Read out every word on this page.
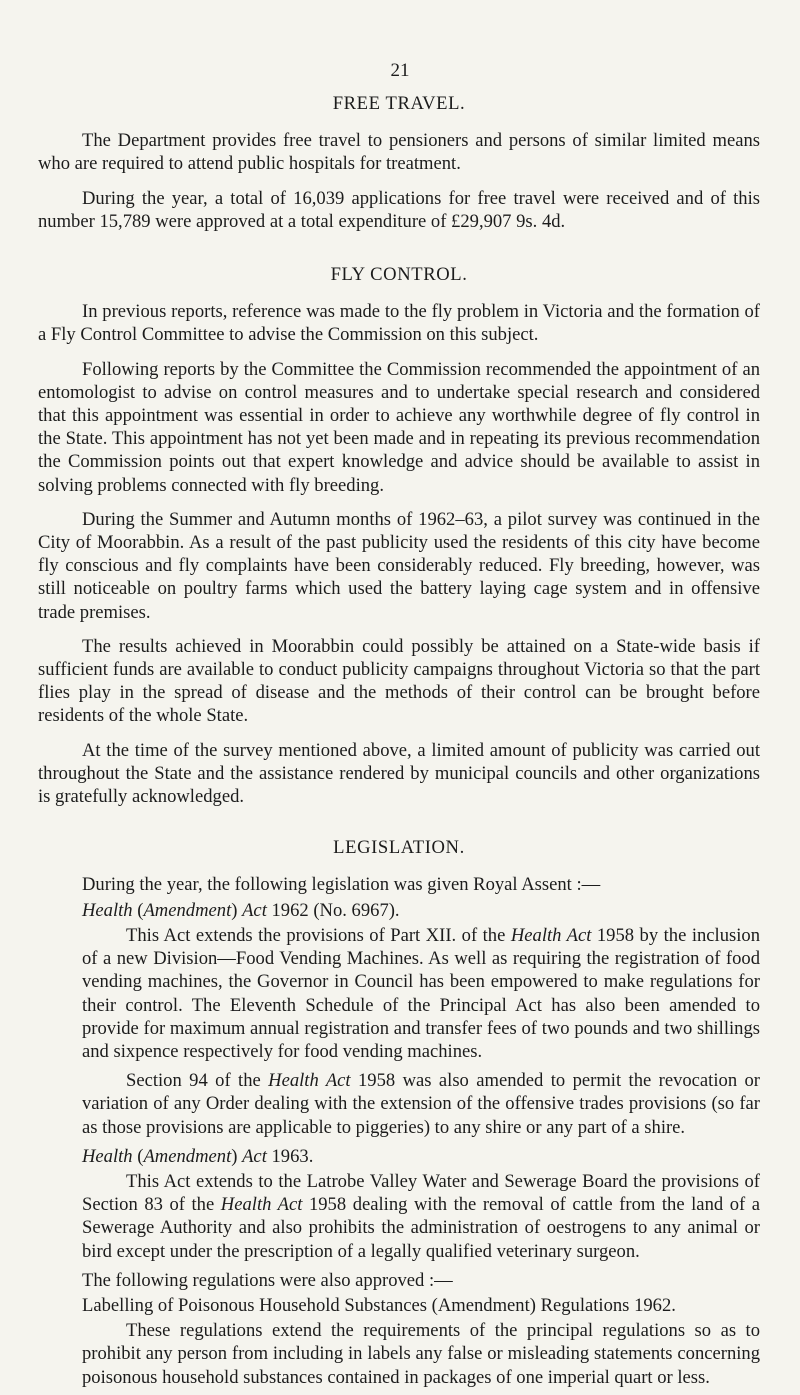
21
FREE TRAVEL.

The Department provides free travel to pensioners and persons of similar limited means who are required to attend public hospitals for treatment.

During the year, a total of 16,039 applications for free travel were received and of this number 15,789 were approved at a total expenditure of £29,907 9s. 4d.

FLY CONTROL.

In previous reports, reference was made to the fly problem in Victoria and the formation of a Fly Control Committee to advise the Commission on this subject.

Following reports by the Committee the Commission recommended the appointment of an entomologist to advise on control measures and to undertake special research and considered that this appointment was essential in order to achieve any worthwhile degree of fly control in the State. This appointment has not yet been made and in repeating its previous recommendation the Commission points out that expert knowledge and advice should be available to assist in solving problems connected with fly breeding.

During the Summer and Autumn months of 1962–63, a pilot survey was continued in the City of Moorabbin. As a result of the past publicity used the residents of this city have become fly conscious and fly complaints have been considerably reduced. Fly breeding, however, was still noticeable on poultry farms which used the battery laying cage system and in offensive trade premises.

The results achieved in Moorabbin could possibly be attained on a State-wide basis if sufficient funds are available to conduct publicity campaigns throughout Victoria so that the part flies play in the spread of disease and the methods of their control can be brought before residents of the whole State.

At the time of the survey mentioned above, a limited amount of publicity was carried out throughout the State and the assistance rendered by municipal councils and other organizations is gratefully acknowledged.

LEGISLATION.

During the year, the following legislation was given Royal Assent :—

Health (Amendment) Act 1962 (No. 6967).

This Act extends the provisions of Part XII. of the Health Act 1958 by the inclusion of a new Division—Food Vending Machines. As well as requiring the registration of food vending machines, the Governor in Council has been empowered to make regulations for their control. The Eleventh Schedule of the Principal Act has also been amended to provide for maximum annual registration and transfer fees of two pounds and two shillings and sixpence respectively for food vending machines.

Section 94 of the Health Act 1958 was also amended to permit the revocation or variation of any Order dealing with the extension of the offensive trades provisions (so far as those provisions are applicable to piggeries) to any shire or any part of a shire.

Health (Amendment) Act 1963.

This Act extends to the Latrobe Valley Water and Sewerage Board the provisions of Section 83 of the Health Act 1958 dealing with the removal of cattle from the land of a Sewerage Authority and also prohibits the administration of oestrogens to any animal or bird except under the prescription of a legally qualified veterinary surgeon.

The following regulations were also approved :—

Labelling of Poisonous Household Substances (Amendment) Regulations 1962.

These regulations extend the requirements of the principal regulations so as to prohibit any person from including in labels any false or misleading statements concerning poisonous household substances contained in packages of one imperial quart or less.
